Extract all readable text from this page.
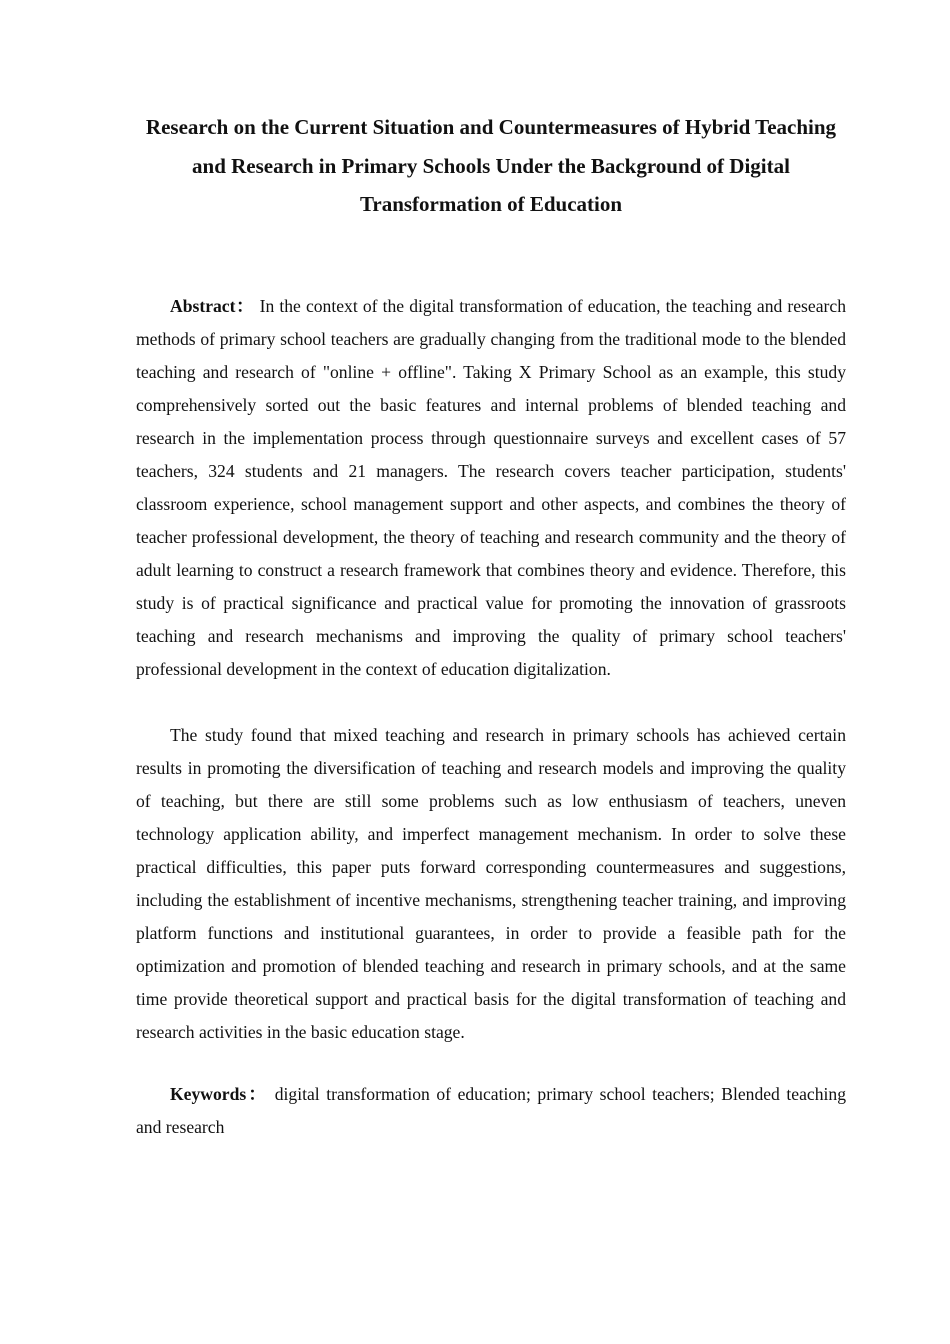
Research on the Current Situation and Countermeasures of Hybrid Teaching and Research in Primary Schools Under the Background of Digital Transformation of Education

Abstract： In the context of the digital transformation of education, the teaching and research methods of primary school teachers are gradually changing from the traditional mode to the blended teaching and research of "online + offline". Taking X Primary School as an example, this study comprehensively sorted out the basic features and internal problems of blended teaching and research in the implementation process through questionnaire surveys and excellent cases of 57 teachers, 324 students and 21 managers. The research covers teacher participation, students' classroom experience, school management support and other aspects, and combines the theory of teacher professional development, the theory of teaching and research community and the theory of adult learning to construct a research framework that combines theory and evidence. Therefore, this study is of practical significance and practical value for promoting the innovation of grassroots teaching and research mechanisms and improving the quality of primary school teachers' professional development in the context of education digitalization.

The study found that mixed teaching and research in primary schools has achieved certain results in promoting the diversification of teaching and research models and improving the quality of teaching, but there are still some problems such as low enthusiasm of teachers, uneven technology application ability, and imperfect management mechanism. In order to solve these practical difficulties, this paper puts forward corresponding countermeasures and suggestions, including the establishment of incentive mechanisms, strengthening teacher training, and improving platform functions and institutional guarantees, in order to provide a feasible path for the optimization and promotion of blended teaching and research in primary schools, and at the same time provide theoretical support and practical basis for the digital transformation of teaching and research activities in the basic education stage.

Keywords： digital transformation of education; primary school teachers; Blended teaching and research
